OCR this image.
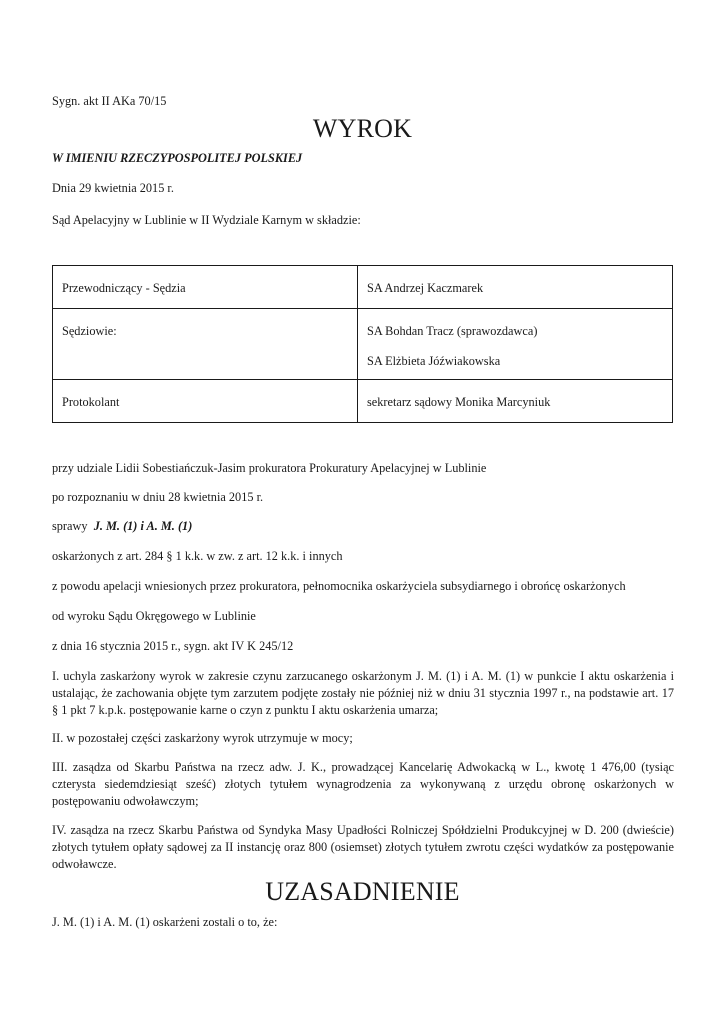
Sygn. akt II AKa 70/15
WYROK
W IMIENIU RZECZYPOSPOLITEJ POLSKIEJ
Dnia 29 kwietnia 2015 r.
Sąd Apelacyjny w Lublinie w II Wydziale Karnym w składzie:
Przewodniczący - Sędzia	SA Andrzej Kaczmarek
Sędziowie:	SA Bohdan Tracz (sprawozdawca)
SA Elżbieta Jóźwiakowska

Protokolant	sekretarz sądowy Monika Marcyniuk
przy udziale Lidii Sobestiańczuk-Jasim prokuratora Prokuratury Apelacyjnej w Lublinie
po rozpoznaniu w dniu 28 kwietnia 2015 r.
sprawy J. M. (1) i A. M. (1)
oskarżonych z art. 284 § 1 k.k. w zw. z art. 12 k.k. i innych
z powodu apelacji wniesionych przez prokuratora, pełnomocnika oskarżyciela subsydiarnego i obrońcę oskarżonych
od wyroku Sądu Okręgowego w Lublinie
z dnia 16 stycznia 2015 r., sygn. akt IV K 245/12
I. uchyla zaskarżony wyrok w zakresie czynu zarzucanego oskarżonym J. M. (1) i A. M. (1) w punkcie I aktu oskarżenia i ustalając, że zachowania objęte tym zarzutem podjęte zostały nie później niż w dniu 31 stycznia 1997 r., na podstawie art. 17 § 1 pkt 7 k.p.k. postępowanie karne o czyn z punktu I aktu oskarżenia umarza;
II. w pozostałej części zaskarżony wyrok utrzymuje w mocy;
III. zasądza od Skarbu Państwa na rzecz adw. J. K., prowadzącej Kancelarię Adwokacką w L., kwotę 1 476,00 (tysiąc czterysta siedemdziesiąt sześć) złotych tytułem wynagrodzenia za wykonywaną z urzędu obronę oskarżonych w postępowaniu odwoławczym;
IV. zasądza na rzecz Skarbu Państwa od Syndyka Masy Upadłości Rolniczej Spółdzielni Produkcyjnej w D. 200 (dwieście) złotych tytułem opłaty sądowej za II instancję oraz 800 (osiemset) złotych tytułem zwrotu części wydatków za postępowanie odwoławcze.
UZASADNIENIE
J. M. (1) i A. M. (1) oskarżeni zostali o to, że:
